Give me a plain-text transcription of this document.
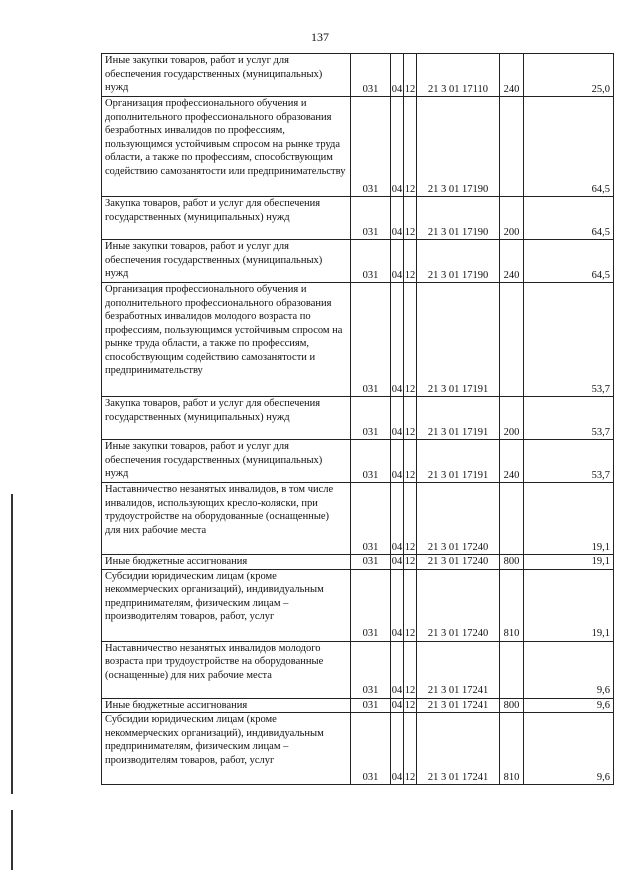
137
Иные закупки товаров, работ и услуг для обеспечения государственных (муниципальных) нужд	031	04	12	21 3 01 17110	240	25,0
Организация профессионального обучения и дополнительного профессионального образования безработных инвалидов по профессиям, пользующимся устойчивым спросом на рынке труда области, а также по профессиям, способствующим содействию самозанятости или предпринимательству	031	04	12	21 3 01 17190		64,5
Закупка товаров, работ и услуг для обеспечения государственных (муниципальных) нужд	031	04	12	21 3 01 17190	200	64,5
Иные закупки товаров, работ и услуг для обеспечения государственных (муниципальных) нужд	031	04	12	21 3 01 17190	240	64,5
Организация профессионального обучения и дополнительного профессионального образования безработных инвалидов молодого возраста по профессиям, пользующимся устойчивым спросом на рынке труда области, а также по профессиям, способствующим содействию самозанятости и предпринимательству	031	04	12	21 3 01 17191		53,7
Закупка товаров, работ и услуг для обеспечения государственных (муниципальных) нужд	031	04	12	21 3 01 17191	200	53,7
Иные закупки товаров, работ и услуг для обеспечения государственных (муниципальных) нужд	031	04	12	21 3 01 17191	240	53,7
Наставничество незанятых инвалидов, в том числе инвалидов, использующих кресло-коляски, при трудоустройстве на оборудованные (оснащенные) для них рабочие места	031	04	12	21 3 01 17240		19,1
Иные бюджетные ассигнования	031	04	12	21 3 01 17240	800	19,1
Субсидии юридическим лицам (кроме некоммерческих организаций), индивидуальным предпринимателям, физическим лицам – производителям товаров, работ, услуг	031	04	12	21 3 01 17240	810	19,1
Наставничество незанятых инвалидов молодого возраста при трудоустройстве на оборудованные (оснащенные) для них рабочие места	031	04	12	21 3 01 17241		9,6
Иные бюджетные ассигнования	031	04	12	21 3 01 17241	800	9,6
Субсидии юридическим лицам (кроме некоммерческих организаций), индивидуальным предпринимателям, физическим лицам – производителям товаров, работ, услуг	031	04	12	21 3 01 17241	810	9,6
